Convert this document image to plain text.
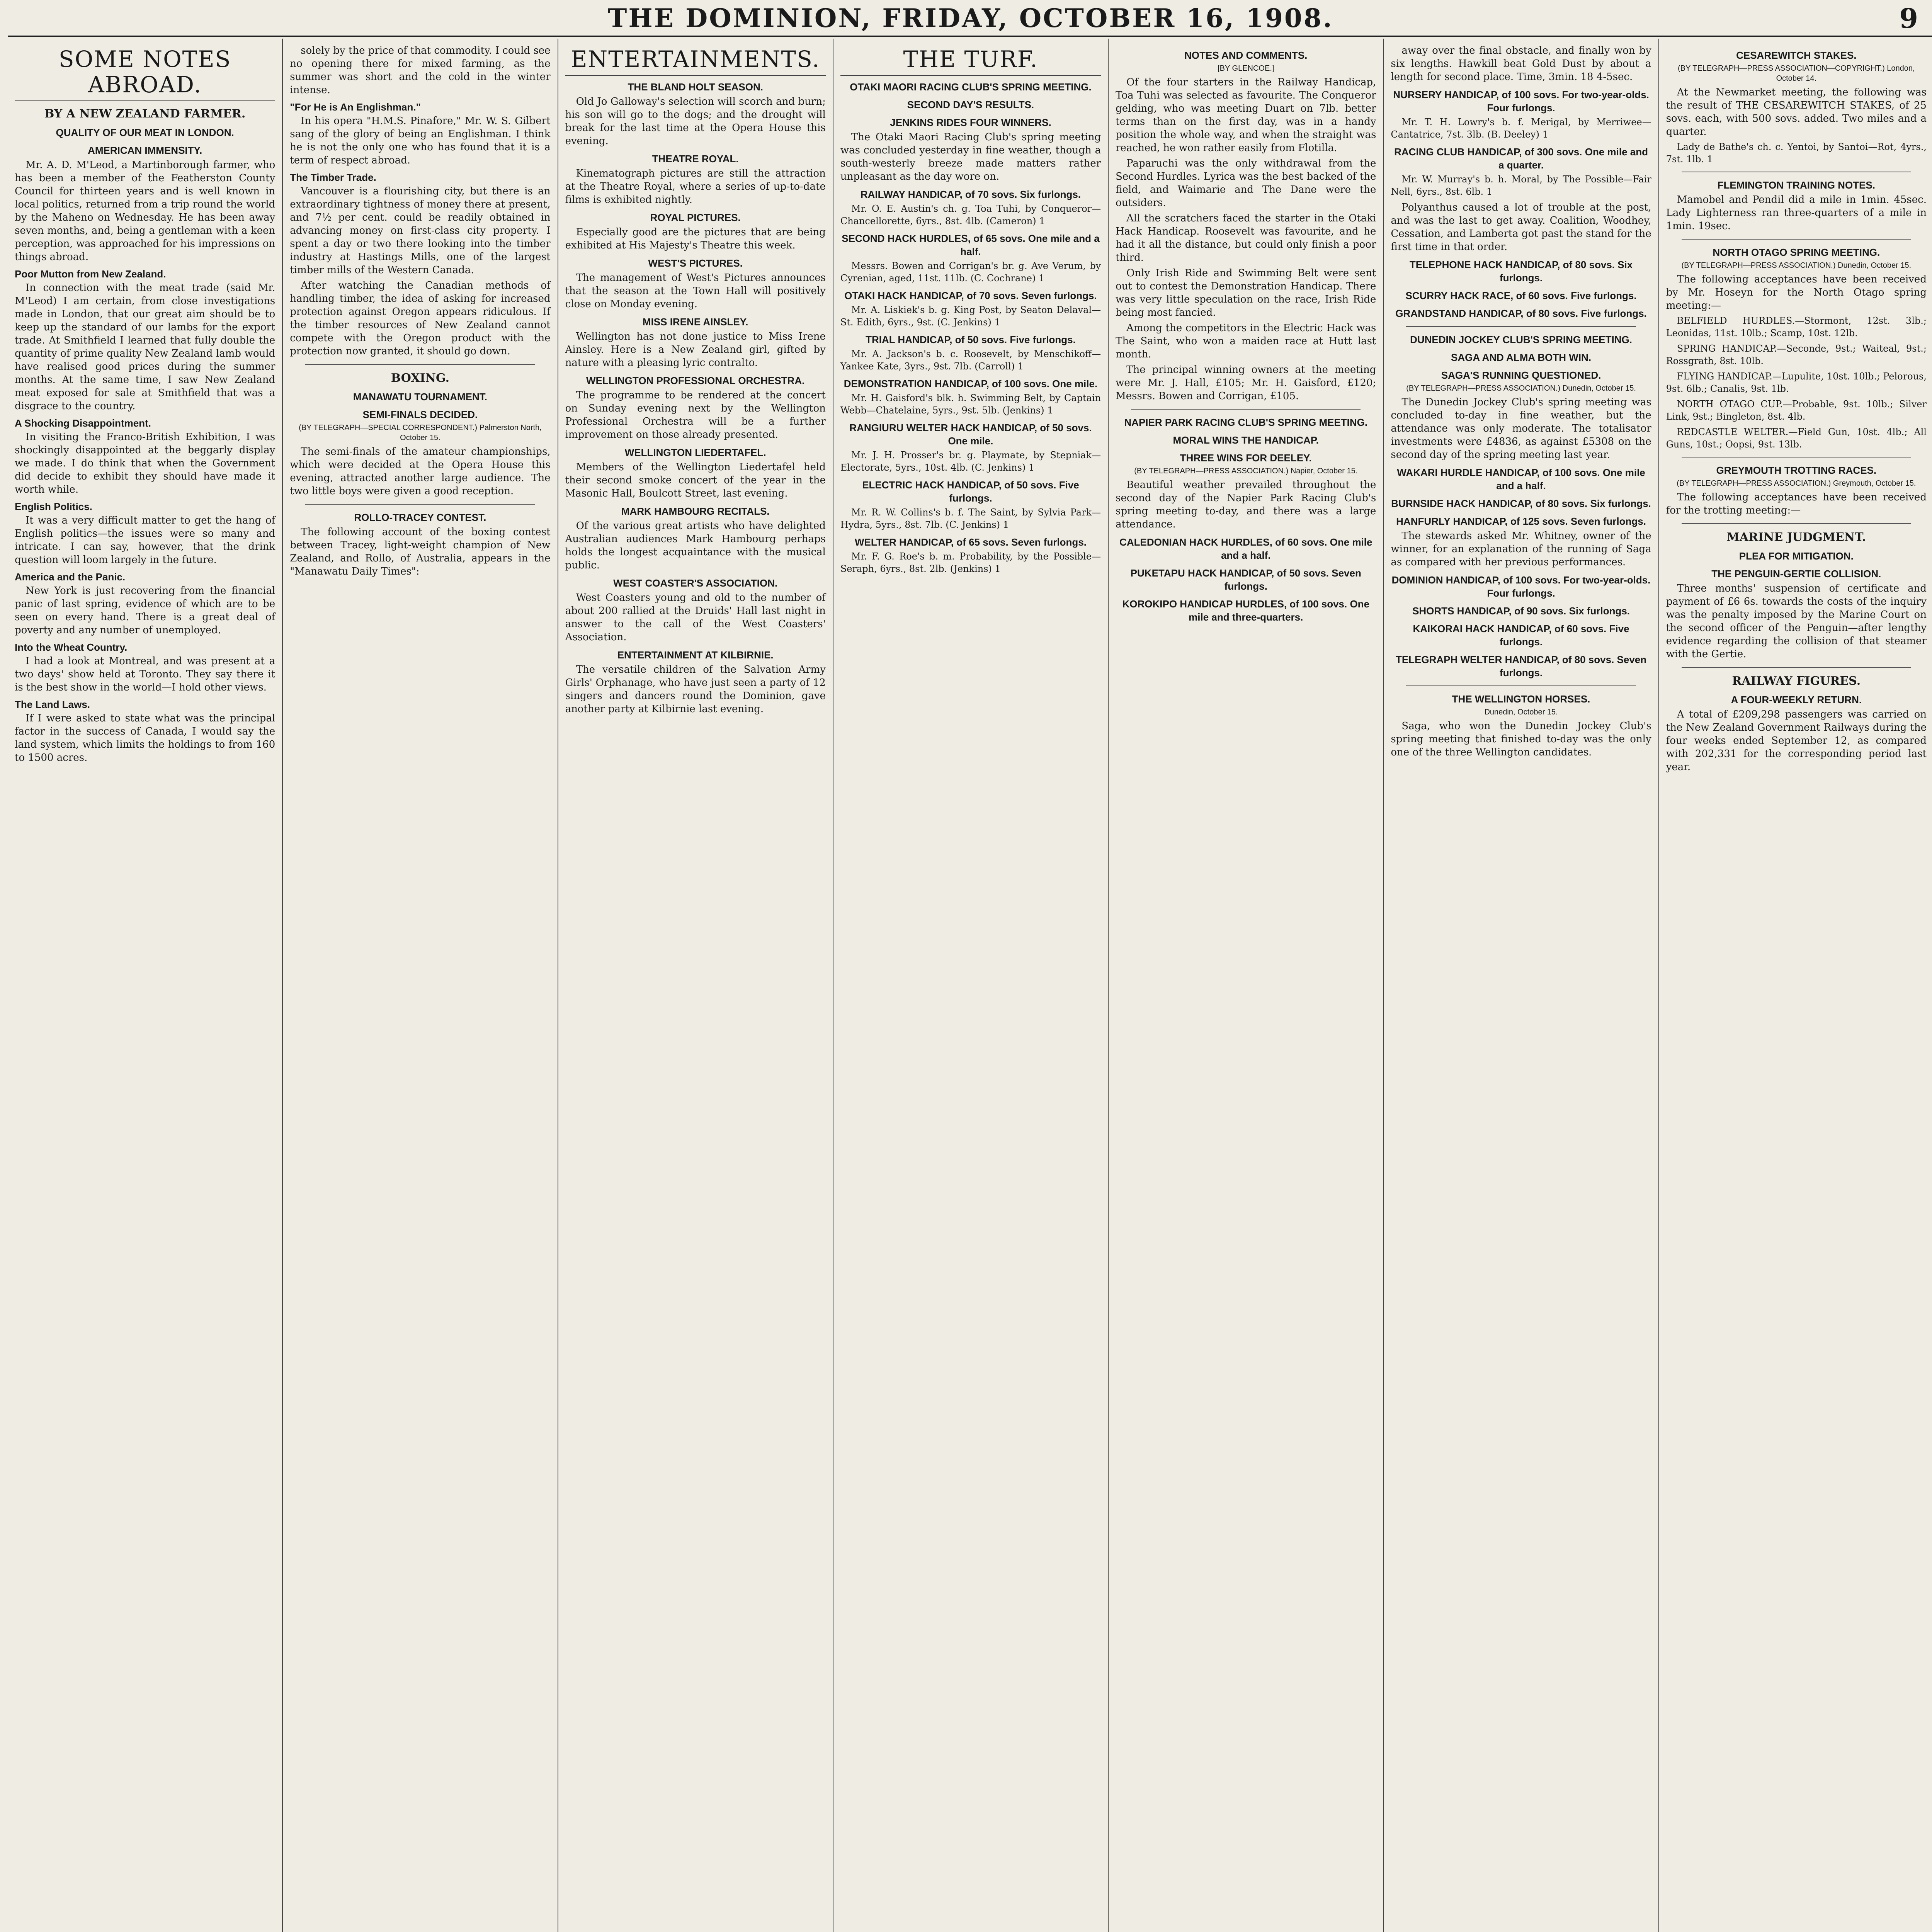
THE DOMINION, FRIDAY, OCTOBER 16, 1908.	9
SOME NOTES ABROAD.
BY A NEW ZEALAND FARMER.
QUALITY OF OUR MEAT IN LONDON.
AMERICAN IMMENSITY.

Mr. A. D. M'Leod, a Martinborough farmer, who has been a member of the Featherston County Council for thirteen years and is well known in local politics, returned from a trip round the world by the Maheno on Wednesday. He has been away seven months, and, being a gentleman with a keen perception, was approached for his impressions on things abroad.

Poor Mutton from New Zealand.

In connection with the meat trade (said Mr. M'Leod) I am certain, from close investigations made in London, that our great aim should be to keep up the standard of our lambs for the export trade. At Smithfield I learned that fully double the quantity of prime quality New Zealand lamb would have realised good prices during the summer months. At the same time, I saw New Zealand meat exposed for sale at Smithfield that was a disgrace to the country.

A Shocking Disappointment.

In visiting the Franco-British Exhibition, I was shockingly disappointed at the beggarly display we made. I do think that when the Government did decide to exhibit they should have made it worth while.

English Politics.

It was a very difficult matter to get the hang of English politics—the issues were so many and intricate. I can say, however, that the drink question will loom largely in the future.

America and the Panic.

New York is just recovering from the financial panic of last spring, evidence of which are to be seen on every hand. There is a great deal of poverty and any number of unemployed.

Into the Wheat Country.

I had a look at Montreal, and was present at a two days' show held at Toronto. They say there it is the best show in the world—I hold other views.

The Land Laws.

If I were asked to state what was the principal factor in the success of Canada, I would say the land system, which limits the holdings to from 160 to 1500 acres.

solely by the price of that commodity. I could see no opening there for mixed farming, as the summer was short and the cold in the winter intense.

"For He is An Englishman."

In his opera "H.M.S. Pinafore," Mr. W. S. Gilbert sang of the glory of being an Englishman. I think he is not the only one who has found that it is a term of respect abroad.

The Timber Trade.

Vancouver is a flourishing city, but there is an extraordinary tightness of money there at present, and 7½ per cent. could be readily obtained in advancing money on first-class city property. I spent a day or two there looking into the timber industry at Hastings Mills, one of the largest timber mills of the Western Canada.

After watching the Canadian methods of handling timber, the idea of asking for increased protection against Oregon appears ridiculous. If the timber resources of New Zealand cannot compete with the Oregon product with the protection now granted, it should go down.

BOXING.
MANAWATU TOURNAMENT.
SEMI-FINALS DECIDED.
(BY TELEGRAPH—SPECIAL CORRESPONDENT.) Palmerston North, October 15.

The semi-finals of the amateur championships, which were decided at the Opera House this evening, attracted another large audience. The two little boys were given a good reception.

ROLLO-TRACEY CONTEST.

The following account of the boxing contest between Tracey, light-weight champion of New Zealand, and Rollo, of Australia, appears in the "Manawatu Daily Times":

ENTERTAINMENTS.
THE BLAND HOLT SEASON.

Old Jo Galloway's selection will scorch and burn; his son will go to the dogs; and the drought will break for the last time at the Opera House this evening.

THEATRE ROYAL.

Kinematograph pictures are still the attraction at the Theatre Royal, where a series of up-to-date films is exhibited nightly.

ROYAL PICTURES.

Especially good are the pictures that are being exhibited at His Majesty's Theatre this week.

WEST'S PICTURES.

The management of West's Pictures announces that the season at the Town Hall will positively close on Monday evening.

MISS IRENE AINSLEY.

Wellington has not done justice to Miss Irene Ainsley. Here is a New Zealand girl, gifted by nature with a pleasing lyric contralto.

WELLINGTON PROFESSIONAL ORCHESTRA.

The programme to be rendered at the concert on Sunday evening next by the Wellington Professional Orchestra will be a further improvement on those already presented.

WELLINGTON LIEDERTAFEL.

Members of the Wellington Liedertafel held their second smoke concert of the year in the Masonic Hall, Boulcott Street, last evening.

MARK HAMBOURG RECITALS.

Of the various great artists who have delighted Australian audiences Mark Hambourg perhaps holds the longest acquaintance with the musical public.

WEST COASTER'S ASSOCIATION.

West Coasters young and old to the number of about 200 rallied at the Druids' Hall last night in answer to the call of the West Coasters' Association.

ENTERTAINMENT AT KILBIRNIE.

The versatile children of the Salvation Army Girls' Orphanage, who have just seen a party of 12 singers and dancers round the Dominion, gave another party at Kilbirnie last evening.

THE TURF.
OTAKI MAORI RACING CLUB'S SPRING MEETING.
SECOND DAY'S RESULTS.
JENKINS RIDES FOUR WINNERS.

The Otaki Maori Racing Club's spring meeting was concluded yesterday in fine weather, though a south-westerly breeze made matters rather unpleasant as the day wore on.

RAILWAY HANDICAP, of 70 sovs. Six furlongs.

Mr. O. E. Austin's ch. g. Toa Tuhi, by Conqueror—Chancellorette, 6yrs., 8st. 4lb. (Cameron) 1

SECOND HACK HURDLES, of 65 sovs. One mile and a half.

Messrs. Bowen and Corrigan's br. g. Ave Verum, by Cyrenian, aged, 11st. 11lb. (C. Cochrane) 1

OTAKI HACK HANDICAP, of 70 sovs. Seven furlongs.

Mr. A. Liskiek's b. g. King Post, by Seaton Delaval—St. Edith, 6yrs., 9st. (C. Jenkins) 1

TRIAL HANDICAP, of 50 sovs. Five furlongs.

Mr. A. Jackson's b. c. Roosevelt, by Menschikoff—Yankee Kate, 3yrs., 9st. 7lb. (Carroll) 1

DEMONSTRATION HANDICAP, of 100 sovs. One mile.

Mr. H. Gaisford's blk. h. Swimming Belt, by Captain Webb—Chatelaine, 5yrs., 9st. 5lb. (Jenkins) 1

RANGIURU WELTER HACK HANDICAP, of 50 sovs. One mile.

Mr. J. H. Prosser's br. g. Playmate, by Stepniak—Electorate, 5yrs., 10st. 4lb. (C. Jenkins) 1

ELECTRIC HACK HANDICAP, of 50 sovs. Five furlongs.

Mr. R. W. Collins's b. f. The Saint, by Sylvia Park—Hydra, 5yrs., 8st. 7lb. (C. Jenkins) 1

WELTER HANDICAP, of 65 sovs. Seven furlongs.

Mr. F. G. Roe's b. m. Probability, by the Possible—Seraph, 6yrs., 8st. 2lb. (Jenkins) 1

NOTES AND COMMENTS.
[BY GLENCOE.]

Of the four starters in the Railway Handicap, Toa Tuhi was selected as favourite. The Conqueror gelding, who was meeting Duart on 7lb. better terms than on the first day, was in a handy position the whole way, and when the straight was reached, he won rather easily from Flotilla.

Paparuchi was the only withdrawal from the Second Hurdles. Lyrica was the best backed of the field, and Waimarie and The Dane were the outsiders.

All the scratchers faced the starter in the Otaki Hack Handicap. Roosevelt was favourite, and he had it all the distance, but could only finish a poor third.

Only Irish Ride and Swimming Belt were sent out to contest the Demonstration Handicap. There was very little speculation on the race, Irish Ride being most fancied.

Among the competitors in the Electric Hack was The Saint, who won a maiden race at Hutt last month.

The principal winning owners at the meeting were Mr. J. Hall, £105; Mr. H. Gaisford, £120; Messrs. Bowen and Corrigan, £105.

NAPIER PARK RACING CLUB'S SPRING MEETING.
MORAL WINS THE HANDICAP.
THREE WINS FOR DEELEY.
(BY TELEGRAPH—PRESS ASSOCIATION.) Napier, October 15.

Beautiful weather prevailed throughout the second day of the Napier Park Racing Club's spring meeting to-day, and there was a large attendance.

CALEDONIAN HACK HURDLES, of 60 sovs. One mile and a half.
PUKETAPU HACK HANDICAP, of 50 sovs. Seven furlongs.
KOROKIPO HANDICAP HURDLES, of 100 sovs. One mile and three-quarters.

away over the final obstacle, and finally won by six lengths. Hawkill beat Gold Dust by about a length for second place. Time, 3min. 18 4-5sec.

NURSERY HANDICAP, of 100 sovs. For two-year-olds. Four furlongs.

Mr. T. H. Lowry's b. f. Merigal, by Merriwee—Cantatrice, 7st. 3lb. (B. Deeley) 1

RACING CLUB HANDICAP, of 300 sovs. One mile and a quarter.

Mr. W. Murray's b. h. Moral, by The Possible—Fair Nell, 6yrs., 8st. 6lb. 1

Polyanthus caused a lot of trouble at the post, and was the last to get away. Coalition, Woodhey, Cessation, and Lamberta got past the stand for the first time in that order.

TELEPHONE HACK HANDICAP, of 80 sovs. Six furlongs.
SCURRY HACK RACE, of 60 sovs. Five furlongs.
GRANDSTAND HANDICAP, of 80 sovs. Five furlongs.
DUNEDIN JOCKEY CLUB'S SPRING MEETING.
SAGA AND ALMA BOTH WIN.
SAGA'S RUNNING QUESTIONED.
(BY TELEGRAPH—PRESS ASSOCIATION.) Dunedin, October 15.

The Dunedin Jockey Club's spring meeting was concluded to-day in fine weather, but the attendance was only moderate. The totalisator investments were £4836, as against £5308 on the second day of the spring meeting last year.

WAKARI HURDLE HANDICAP, of 100 sovs. One mile and a half.
BURNSIDE HACK HANDICAP, of 80 sovs. Six furlongs.
HANFURLY HANDICAP, of 125 sovs. Seven furlongs.

The stewards asked Mr. Whitney, owner of the winner, for an explanation of the running of Saga as compared with her previous performances.

DOMINION HANDICAP, of 100 sovs. For two-year-olds. Four furlongs.
SHORTS HANDICAP, of 90 sovs. Six furlongs.
KAIKORAI HACK HANDICAP, of 60 sovs. Five furlongs.
TELEGRAPH WELTER HANDICAP, of 80 sovs. Seven furlongs.
THE WELLINGTON HORSES.
Dunedin, October 15.

Saga, who won the Dunedin Jockey Club's spring meeting that finished to-day was the only one of the three Wellington candidates.

CESAREWITCH STAKES.
(BY TELEGRAPH—PRESS ASSOCIATION—COPYRIGHT.) London, October 14.

At the Newmarket meeting, the following was the result of THE CESAREWITCH STAKES, of 25 sovs. each, with 500 sovs. added. Two miles and a quarter.

Lady de Bathe's ch. c. Yentoi, by Santoi—Rot, 4yrs., 7st. 1lb. 1

FLEMINGTON TRAINING NOTES.

Mamobel and Pendil did a mile in 1min. 45sec. Lady Lighterness ran three-quarters of a mile in 1min. 19sec.

NORTH OTAGO SPRING MEETING.
(BY TELEGRAPH—PRESS ASSOCIATION.) Dunedin, October 15.

The following acceptances have been received by Mr. Hoseyn for the North Otago spring meeting:—

BELFIELD HURDLES.—Stormont, 12st. 3lb.; Leonidas, 11st. 10lb.; Scamp, 10st. 12lb.

SPRING HANDICAP.—Seconde, 9st.; Waiteal, 9st.; Rossgrath, 8st. 10lb.

FLYING HANDICAP.—Lupulite, 10st. 10lb.; Pelorous, 9st. 6lb.; Canalis, 9st. 1lb.

NORTH OTAGO CUP.—Probable, 9st. 10lb.; Silver Link, 9st.; Bingleton, 8st. 4lb.

REDCASTLE WELTER.—Field Gun, 10st. 4lb.; All Guns, 10st.; Oopsi, 9st. 13lb.

GREYMOUTH TROTTING RACES.
(BY TELEGRAPH—PRESS ASSOCIATION.) Greymouth, October 15.

The following acceptances have been received for the trotting meeting:—

MARINE JUDGMENT.
PLEA FOR MITIGATION.
THE PENGUIN-GERTIE COLLISION.

Three months' suspension of certificate and payment of £6 6s. towards the costs of the inquiry was the penalty imposed by the Marine Court on the second officer of the Penguin—after lengthy evidence regarding the collision of that steamer with the Gertie.

RAILWAY FIGURES.
A FOUR-WEEKLY RETURN.

A total of £209,298 passengers was carried on the New Zealand Government Railways during the four weeks ended September 12, as compared with 202,331 for the corresponding period last year.
